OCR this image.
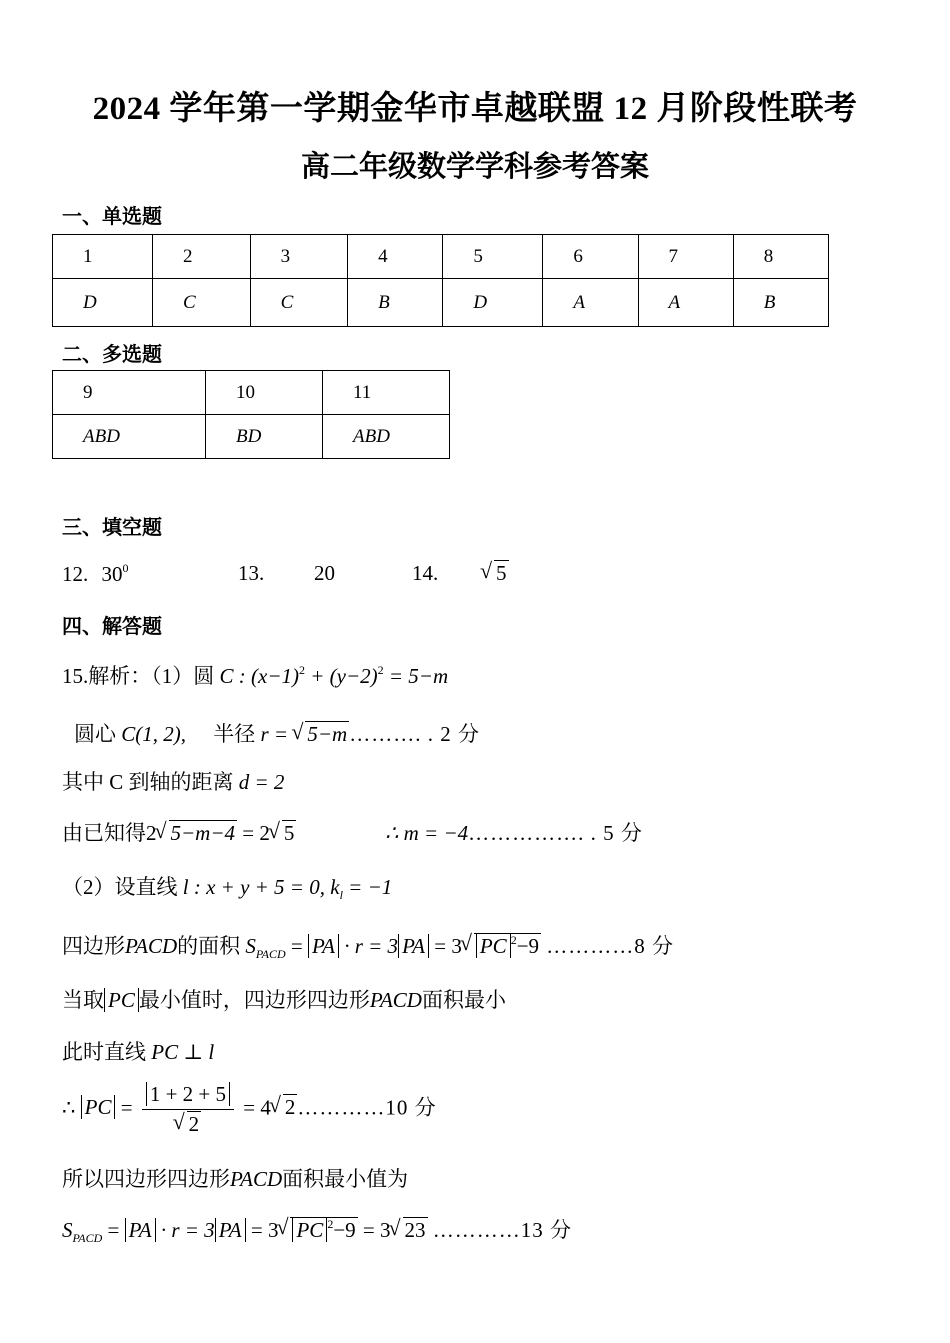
2024 学年第一学期金华市卓越联盟 12 月阶段性联考
高二年级数学学科参考答案
一、单选题
1	2	3	4	5	6	7	8
D	C	C	B	D	A	A	B
二、多选题
9	10	11
ABD	BD	ABD
三、填空题
12. $30^0$	13. 20	14.	√ 5
四、解答题
15.解析：（1）圆 C : $(x-1)^2 + (y-2)^2 = 5-m$
圆心 C(1, 2), 半径 r = √ 5−m………. . 2 分
其中 C 到轴的距离 d = 2
由已知得2 √ 5−m−4 = 2 √ 5	∴ m = −4……………. . 5 分
（2）设直线 l : x + y + 5 = 0, $k_l = -1$
四边形PACD的面积 $S_{PACD}$ = PA · r = 3 PA = 3 √ PC $^2$−9 …………8 分
当取 PC 最小值时，四边形四边形PACD面积最小
此时直线 PC ⊥ l
∴ PC = 1 + 2 + 5
√ 2 = 4 √ 2…………10 分
所以四边形四边形PACD面积最小值为
$S_{PACD}$ = PA · r = 3 PA = 3 √ PC $^2$−9 = 3 √ 23 …………13 分
